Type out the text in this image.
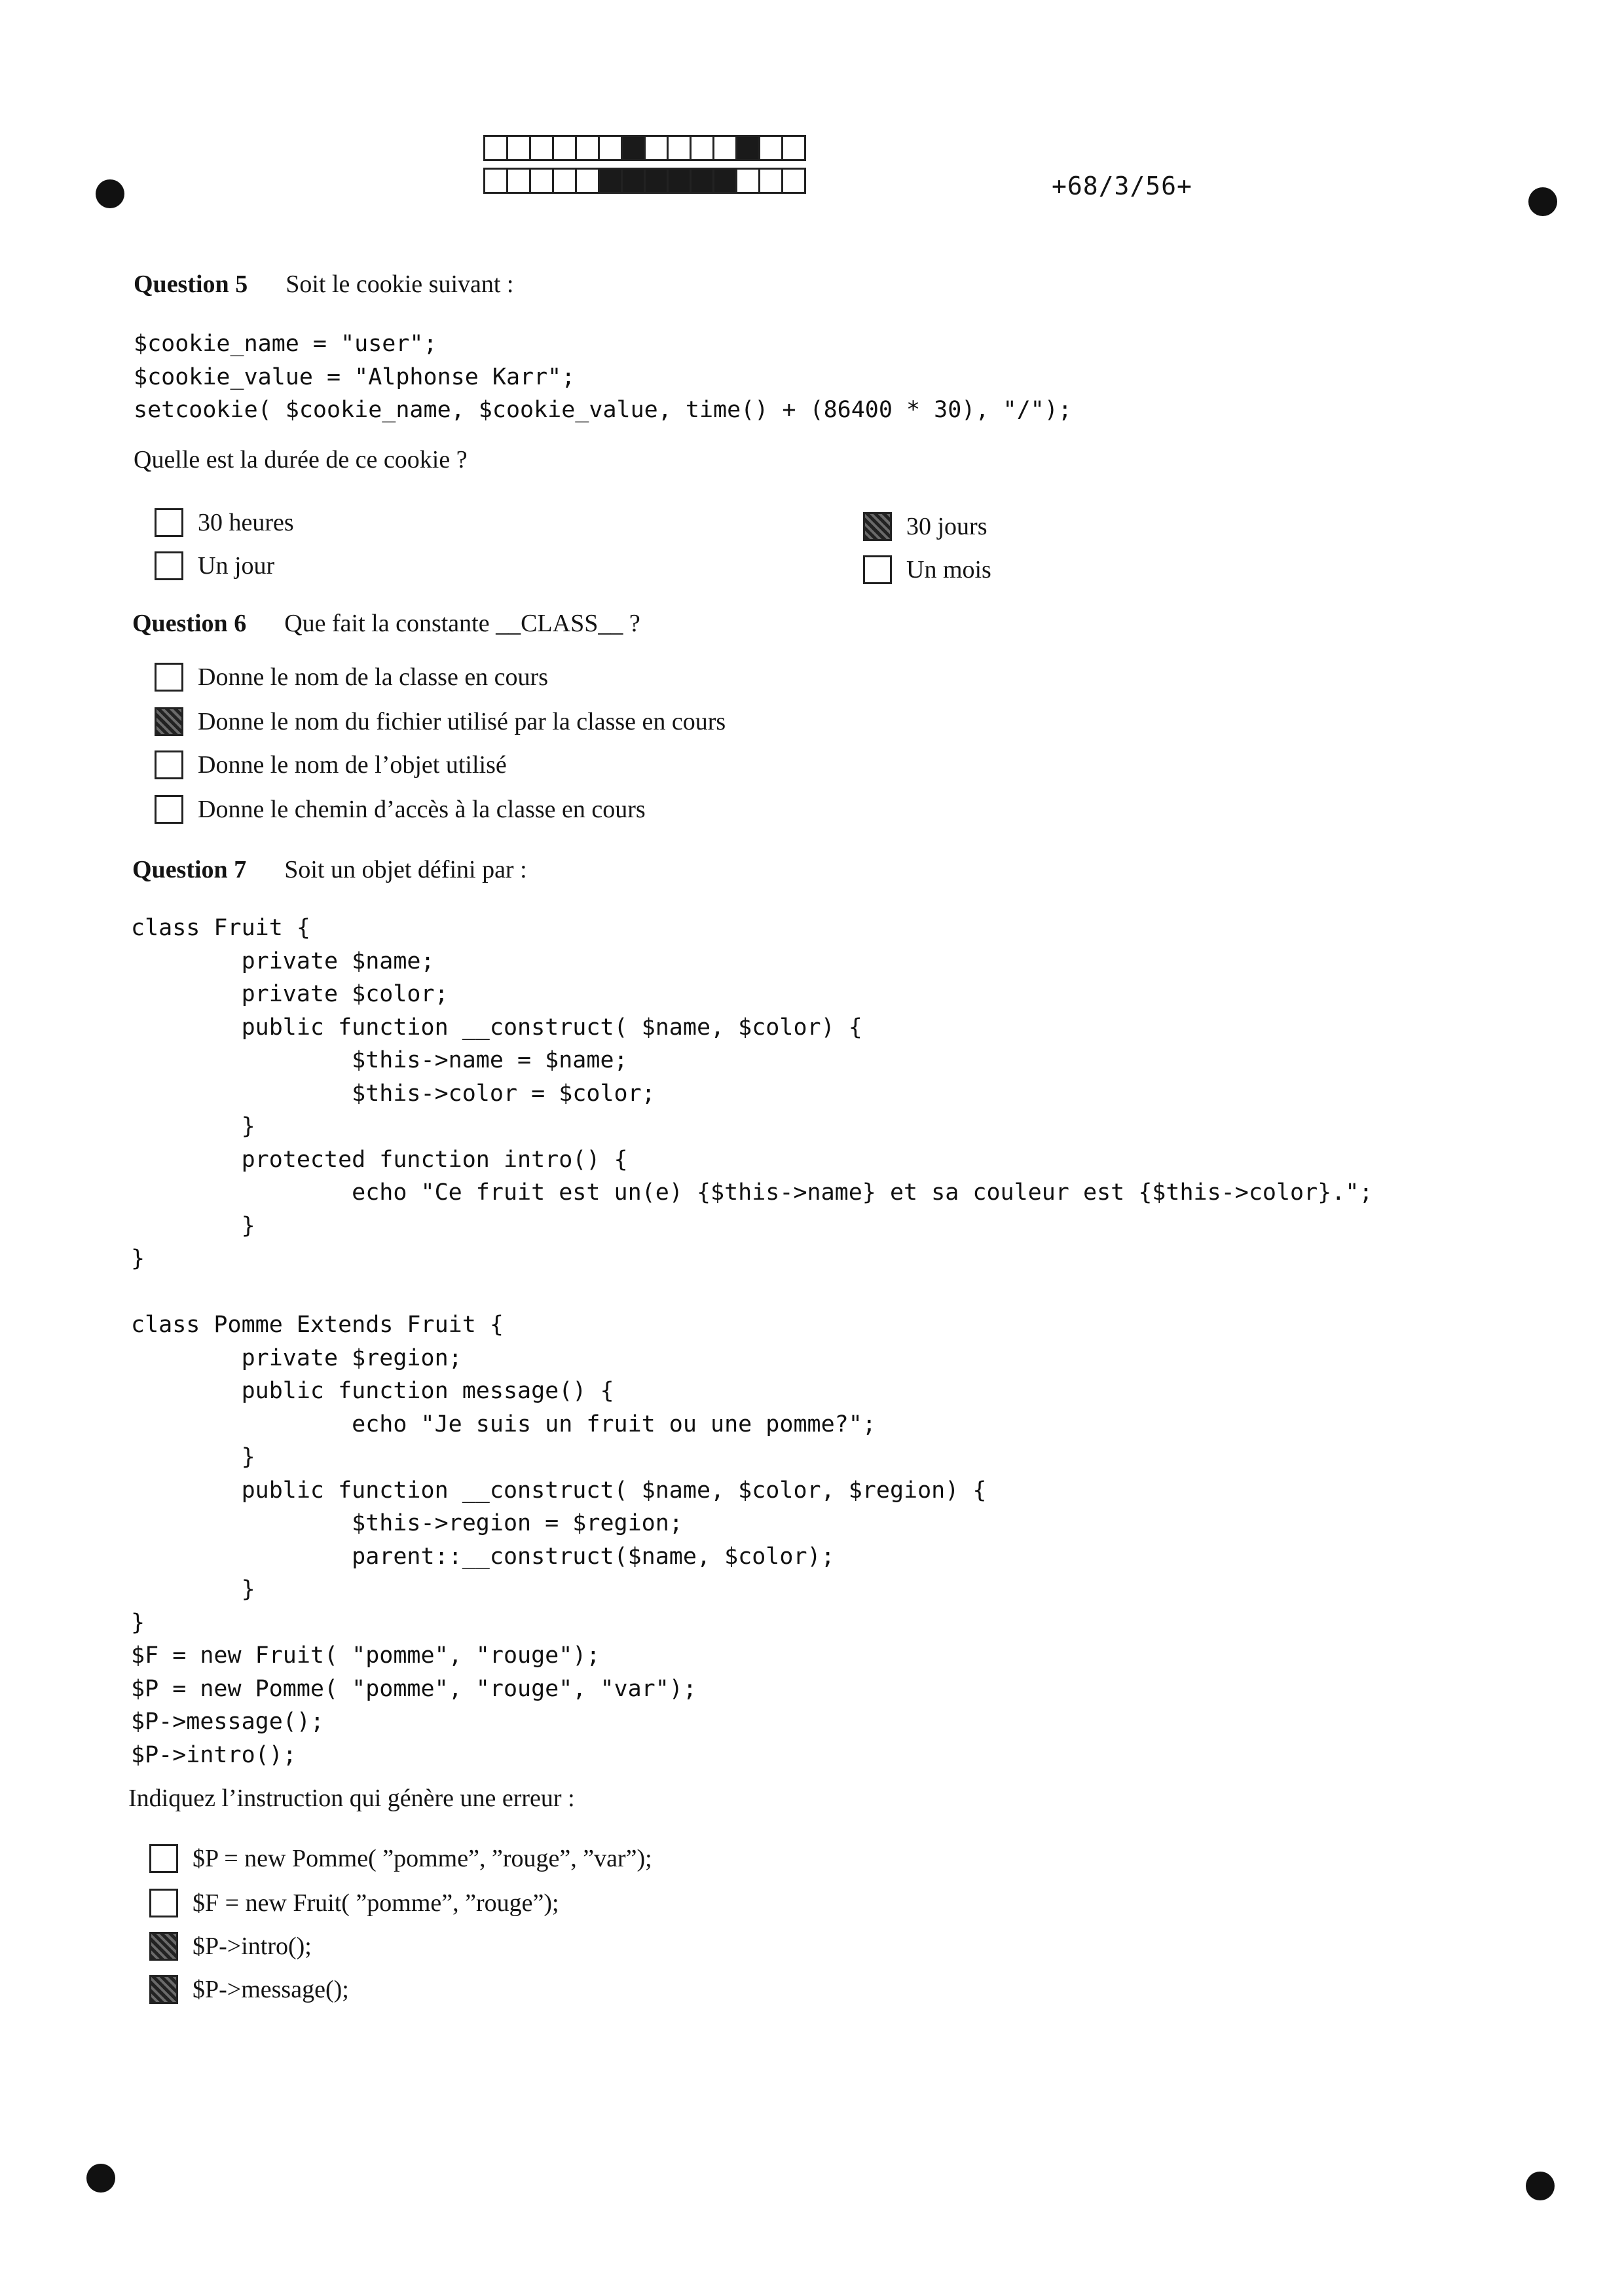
+68/3/56+
Question 5 Soit le cookie suivant :
$cookie_name = "user";
$cookie_value = "Alphonse Karr";
setcookie( $cookie_name, $cookie_value, time() + (86400 * 30), "/");
Quelle est la durée de ce cookie ?
30 heures
Un jour
30 jours
Un mois
Question 6 Que fait la constante __CLASS__ ?
Donne le nom de la classe en cours
Donne le nom du fichier utilisé par la classe en cours
Donne le nom de l’objet utilisé
Donne le chemin d’accès à la classe en cours
Question 7 Soit un objet défini par :
class Fruit {
private $name;
private $color;
public function __construct( $name, $color) {
$this->name = $name;
$this->color = $color;
}
protected function intro() {
echo "Ce fruit est un(e) {$this->name} et sa couleur est {$this->color}.";
}
}

class Pomme Extends Fruit {
private $region;
public function message() {
echo "Je suis un fruit ou une pomme?";
}
public function __construct( $name, $color, $region) {
$this->region = $region;
parent::__construct($name, $color);
}
}
$F = new Fruit( "pomme", "rouge");
$P = new Pomme( "pomme", "rouge", "var");
$P->message();
$P->intro();
Indiquez l’instruction qui génère une erreur :
$P = new Pomme( ”pomme”, ”rouge”, ”var”);
$F = new Fruit( ”pomme”, ”rouge”);
$P->intro();
$P->message();
